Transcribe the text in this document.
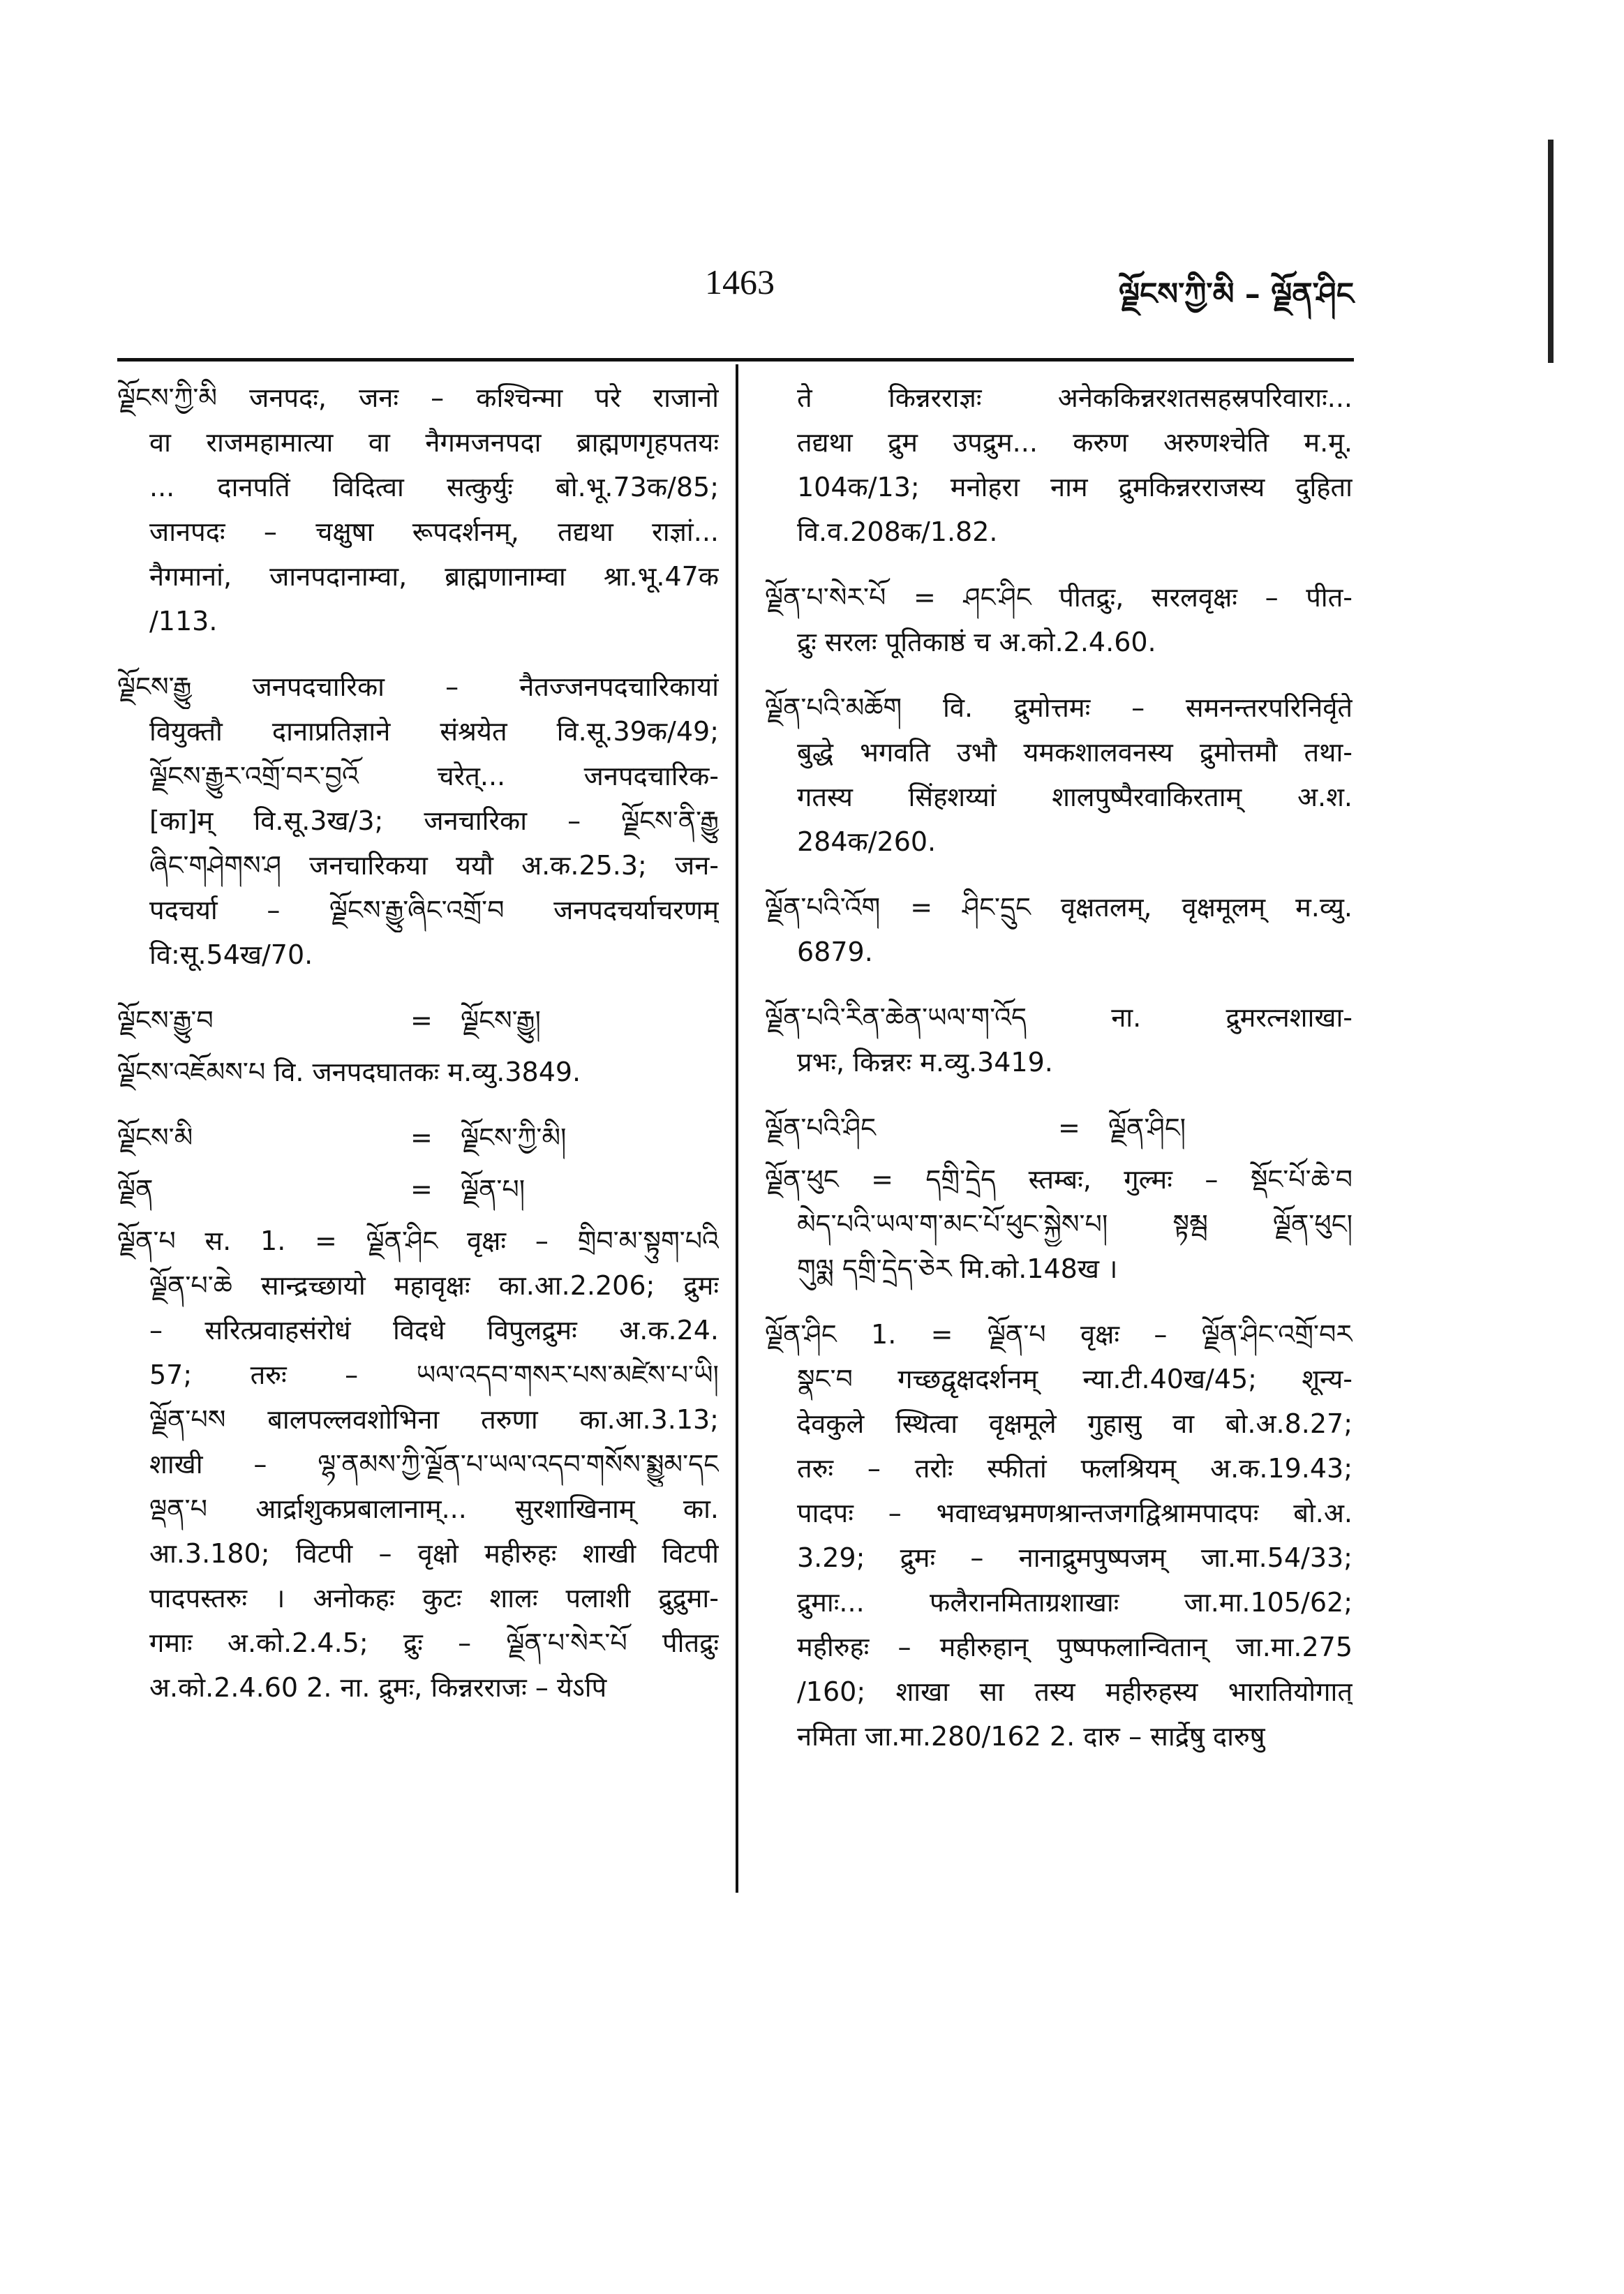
1463	ལྗོངས་ཀྱི་མི – ལྗོན་ཤིང
ལྗོངས་ཀྱི་མི जनपदः, जनः – कश्चिन्मा परे राजानो
वा राजमहामात्या वा नैगमजनपदा ब्राह्मणगृहपतयः
... दानपतिं विदित्वा सत्कुर्युः बो.भू.73क/85;
जानपदः – चक्षुषा रूपदर्शनम्, तद्यथा राज्ञां...
नैगमानां, जानपदानाम्वा, ब्राह्मणानाम्वा श्रा.भू.47क
/113.
ལྗོངས་རྒྱུ जनपदचारिका – नैतज्जनपदचारिकायां
वियुक्तौ दानाप्रतिज्ञाने संश्रयेत वि.सू.39क/49;
ལྗོངས་རྒྱུར་འགྲོ་བར་བྱའོ चरेत्... जनपदचारिक-
[का]म् वि.सू.3ख/3; जनचारिका – ལྗོངས་ནི་རྒྱུ
ཞིང་གཤེགས་ཤ जनचारिकया ययौ अ.क.25.3; जन-
पदचर्या – ལྗོངས་རྒྱུ་ཞིང་འགྲོ་བ जनपदचर्याचरणम्
वि:सू.54ख/70.
ལྗོངས་རྒྱུ་བ	=	ལྗོངས་རྒྱུ།
ལྗོངས་འཇོམས་པ वि. जनपदघातकः म.व्यु.3849.
ལྗོངས་མི	=	ལྗོངས་ཀྱི་མི།
ལྗོན	=	ལྗོན་པ།
ལྗོན་པ स. 1. = ལྗོན་ཤིང वृक्षः – གྲིབ་མ་སྟུག་པའི
ལྗོན་པ་ཆེ सान्द्रच्छायो महावृक्षः का.आ.2.206; द्रुमः
– सरित्प्रवाहसंरोधं विदधे विपुलद्रुमः अ.क.24.
57; तरुः – ཡལ་འདབ་གསར་པས་མཛེས་པ་ཡི།
ལྗོན་པས बालपल्लवशोभिना तरुणा का.आ.3.13;
शाखी – ལྷ་ནམས་ཀྱི་ལྗོན་པ་ཡལ་འདབ་གསོས་སྨྱུམ་དང
ལྡན་པ आर्द्राशुकप्रबालानाम्... सुरशाखिनाम् का.
आ.3.180; विटपी – वृक्षो महीरुहः शाखी विटपी
पादपस्तरुः । अनोकहः कुटः शालः पलाशी द्रुद्रुमा-
गमाः अ.को.2.4.5; द्रुः – ལྗོན་པ་སེར་པོ पीतद्रुः
अ.को.2.4.60 2. ना. द्रुमः, किन्नरराजः – येऽपि
ते किन्नरराज्ञः अनेककिन्नरशतसहस्रपरिवाराः...
तद्यथा द्रुम उपद्रुम... करुण अरुणश्चेति म.मू.
104क/13; मनोहरा नाम द्रुमकिन्नरराजस्य दुहिता
वि.व.208क/1.82.
ལྗོན་པ་སེར་པོ = ཤང་ཤིང पीतद्रुः, सरलवृक्षः – पीत-
द्रुः सरलः पूतिकाष्ठं च अ.को.2.4.60.
ལྗོན་པའི་མཆོག वि. द्रुमोत्तमः – समनन्तरपरिनिर्वृते
बुद्धे भगवति उभौ यमकशालवनस्य द्रुमोत्तमौ तथा-
गतस्य सिंहशय्यां शालपुष्पैरवाकिरताम् अ.श.
284क/260.
ལྗོན་པའི་འོག = ཤིང་དྲུང वृक्षतलम्, वृक्षमूलम् म.व्यु.
6879.
ལྗོན་པའི་རིན་ཆེན་ཡལ་ག་འོད ना. द्रुमरत्नशाखा-
प्रभः, किन्नरः म.व्यु.3419.
ལྗོན་པའི་ཤིང	=	ལྗོན་ཤིང།
ལྗོན་ཕུང = དགྲི་དྲེད स्तम्बः, गुल्मः – སྡོང་པོ་ཆེ་བ
མེད་པའི་ཡལ་ག་མང་པོ་ཕུང་སྐྱེས་པ། སྟམྦ ལྗོན་ཕུང།
གུལྨ དགྲི་དྲེད་ཅེར मि.को.148ख ।
ལྗོན་ཤིང 1. = ལྗོན་པ वृक्षः – ལྗོན་ཤིང་འགྲོ་བར
སྣང་བ गच्छद्वृक्षदर्शनम् न्या.टी.40ख/45; शून्य-
देवकुले स्थित्वा वृक्षमूले गुहासु वा बो.अ.8.27;
तरुः – तरोः स्फीतां फलश्रियम् अ.क.19.43;
पादपः – भवाध्वभ्रमणश्रान्तजगद्विश्रामपादपः बो.अ.
3.29; द्रुमः – नानाद्रुमपुष्पजम् जा.मा.54/33;
द्रुमाः... फलैरानमिताग्रशाखाः जा.मा.105/62;
महीरुहः – महीरुहान् पुष्पफलान्वितान् जा.मा.275
/160; शाखा सा तस्य महीरुहस्य भारातियोगात्
नमिता जा.मा.280/162 2. दारु – सार्द्रेषु दारुषु
